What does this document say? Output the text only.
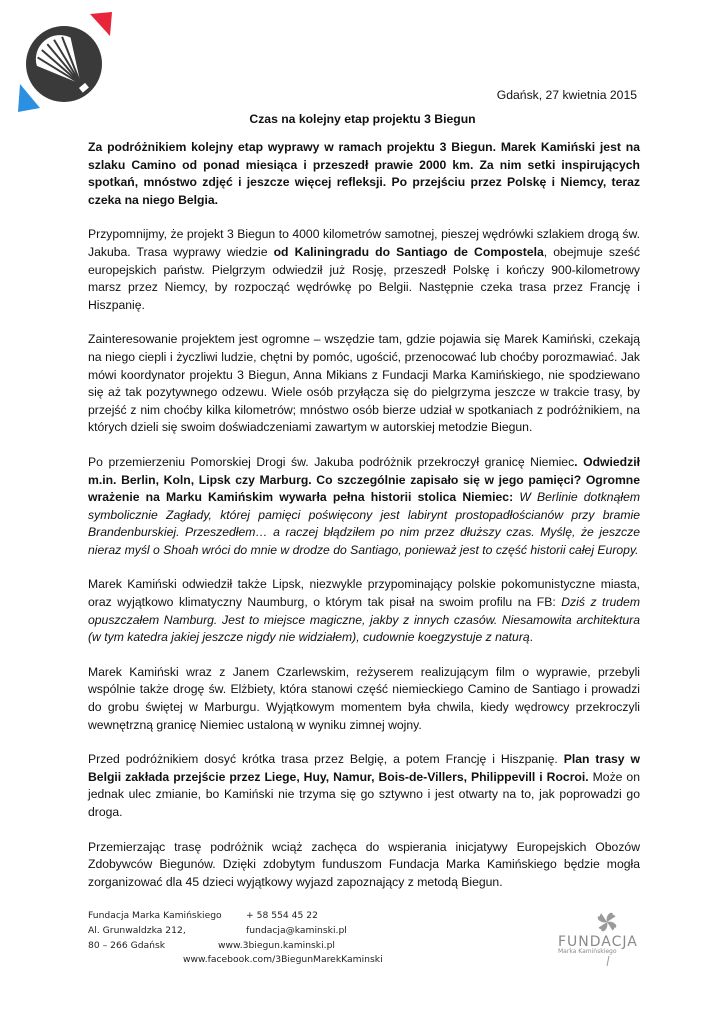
Gdańsk, 27 kwietnia 2015
Czas na kolejny etap projektu 3 Biegun

Za podróżnikiem kolejny etap wyprawy w ramach projektu 3 Biegun. Marek Kamiński jest na szlaku Camino od ponad miesiąca i przeszedł prawie 2000 km. Za nim setki inspirujących spotkań, mnóstwo zdjęć i jeszcze więcej refleksji. Po przejściu przez Polskę i Niemcy, teraz czeka na niego Belgia.

Przypomnijmy, że projekt 3 Biegun to 4000 kilometrów samotnej, pieszej wędrówki szlakiem drogą św. Jakuba. Trasa wyprawy wiedzie od Kaliningradu do Santiago de Compostela, obejmuje sześć europejskich państw. Pielgrzym odwiedził już Rosję, przeszedł Polskę i kończy 900-kilometrowy marsz przez Niemcy, by rozpocząć wędrówkę po Belgii. Następnie czeka trasa przez Francję i Hiszpanię.

Zainteresowanie projektem jest ogromne – wszędzie tam, gdzie pojawia się Marek Kamiński, czekają na niego ciepli i życzliwi ludzie, chętni by pomóc, ugościć, przenocować lub choćby porozmawiać. Jak mówi koordynator projektu 3 Biegun, Anna Mikians z Fundacji Marka Kamińskiego, nie spodziewano się aż tak pozytywnego odzewu. Wiele osób przyłącza się do pielgrzyma jeszcze w trakcie trasy, by przejść z nim choćby kilka kilometrów; mnóstwo osób bierze udział w spotkaniach z podróżnikiem, na których dzieli się swoim doświadczeniami zawartym w autorskiej metodzie Biegun.

Po przemierzeniu Pomorskiej Drogi św. Jakuba podróżnik przekroczył granicę Niemiec. Odwiedził m.in. Berlin, Koln, Lipsk czy Marburg. Co szczególnie zapisało się w jego pamięci? Ogromne wrażenie na Marku Kamińskim wywarła pełna historii stolica Niemiec: W Berlinie dotknąłem symbolicznie Zagłady, której pamięci poświęcony jest labirynt prostopadłościanów przy bramie Brandenburskiej. Przeszedłem… a raczej błądziłem po nim przez dłuższy czas. Myślę, że jeszcze nieraz myśl o Shoah wróci do mnie w drodze do Santiago, ponieważ jest to część historii całej Europy.

Marek Kamiński odwiedził także Lipsk, niezwykle przypominający polskie pokomunistyczne miasta, oraz wyjątkowo klimatyczny Naumburg, o którym tak pisał na swoim profilu na FB: Dziś z trudem opuszczałem Namburg. Jest to miejsce magiczne, jakby z innych czasów. Niesamowita architektura (w tym katedra jakiej jeszcze nigdy nie widziałem), cudownie koegzystuje z naturą.

Marek Kamiński wraz z Janem Czarlewskim, reżyserem realizującym film o wyprawie, przebyli wspólnie także drogę św. Elżbiety, która stanowi część niemieckiego Camino de Santiago i prowadzi do grobu świętej w Marburgu. Wyjątkowym momentem była chwila, kiedy wędrowcy przekroczyli wewnętrzną granicę Niemiec ustaloną w wyniku zimnej wojny.

Przed podróżnikiem dosyć krótka trasa przez Belgię, a potem Francję i Hiszpanię. Plan trasy w Belgii zakłada przejście przez Liege, Huy, Namur, Bois-de-Villers, Philippevill i Rocroi. Może on jednak ulec zmianie, bo Kamiński nie trzyma się go sztywno i jest otwarty na to, jak poprowadzi go droga.

Przemierzając trasę podróżnik wciąż zachęca do wspierania inicjatywy Europejskich Obozów Zdobywców Biegunów. Dzięki zdobytym funduszom Fundacja Marka Kamińskiego będzie mogła zorganizować dla 45 dzieci wyjątkowy wyjazd zapoznający z metodą Biegun.

Fundacja Marka Kamińskiego	+ 58 554 45 22
Al. Grunwaldzka 212,	fundacja@kaminski.pl
80 – 266 Gdańsk	www.3biegun.kaminski.pl
www.facebook.com/3BiegunMarekKaminski
FUNDACJA
Marka Kamińskiego
